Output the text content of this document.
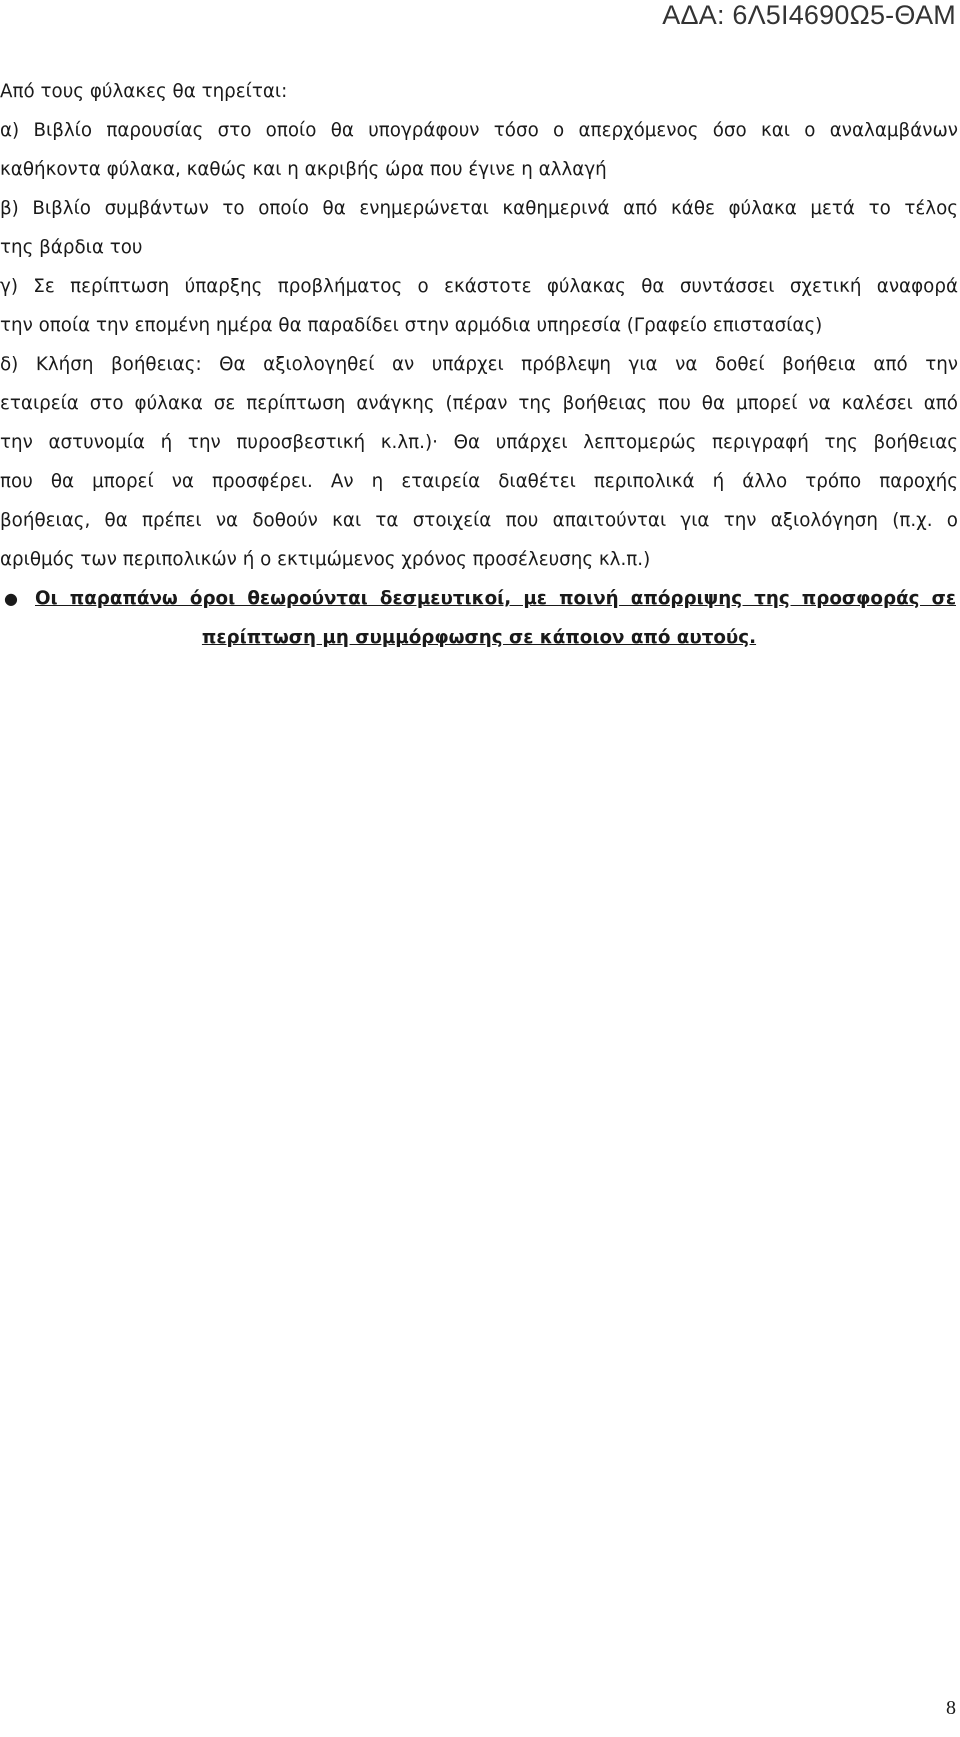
ΑΔΑ: 6Λ5Ι4690Ω5-ΘΑΜ
Από τους φύλακες θα τηρείται:
α) Βιβλίο παρουσίας στο οποίο θα υπογράφουν τόσο ο απερχόμενος όσο και ο αναλαμβάνων
καθήκοντα φύλακα, καθώς και η ακριβής ώρα που έγινε η αλλαγή
β) Βιβλίο συμβάντων το οποίο θα ενημερώνεται καθημερινά από κάθε φύλακα μετά το τέλος
της βάρδια του
γ) Σε περίπτωση ύπαρξης προβλήματος ο εκάστοτε φύλακας θα συντάσσει σχετική αναφορά
την οποία την επομένη ημέρα θα παραδίδει στην αρμόδια υπηρεσία (Γραφείο επιστασίας)
δ) Κλήση βοήθειας: Θα αξιολογηθεί αν υπάρχει πρόβλεψη για να δοθεί βοήθεια από την
εταιρεία στο φύλακα σε περίπτωση ανάγκης (πέραν της βοήθειας που θα μπορεί να καλέσει από
την αστυνομία ή την πυροσβεστική κ.λπ.)· Θα υπάρχει λεπτομερώς περιγραφή της βοήθειας
που θα μπορεί να προσφέρει. Αν η εταιρεία διαθέτει περιπολικά ή άλλο τρόπο παροχής
βοήθειας, θα πρέπει να δοθούν και τα στοιχεία που απαιτούνται για την αξιολόγηση (π.χ. ο
αριθμός των περιπολικών ή ο εκτιμώμενος χρόνος προσέλευσης κλ.π.)
● Οι παραπάνω όροι θεωρούνται δεσμευτικοί, με ποινή απόρριψης της προσφοράς σε
περίπτωση μη συμμόρφωσης σε κάποιον από αυτούς.
8
